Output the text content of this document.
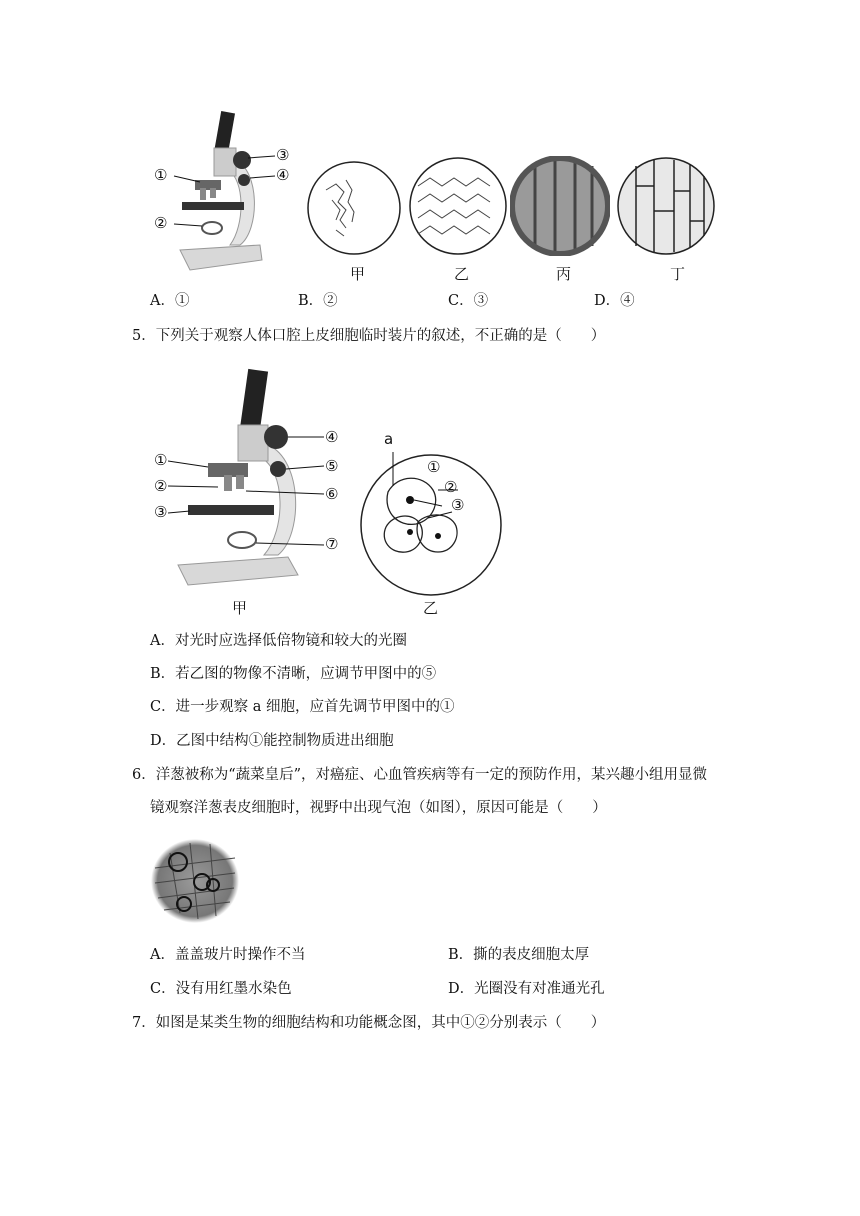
①
②
③
④
甲	乙	丙	丁
A．①	B．②	C．③	D．④
5．下列关于观察人体口腔上皮细胞临时装片的叙述，不正确的是（　　）
①
②
③
④
⑤
⑥
⑦
甲
a
①
②
③
乙
A．对光时应选择低倍物镜和较大的光圈
B．若乙图的物像不清晰，应调节甲图中的⑤
C．进一步观察 a 细胞，应首先调节甲图中的①
D．乙图中结构①能控制物质进出细胞
6．洋葱被称为“蔬菜皇后”，对癌症、心血管疾病等有一定的预防作用，某兴趣小组用显微
镜观察洋葱表皮细胞时，视野中出现气泡（如图），原因可能是（　　）
A．盖盖玻片时操作不当	B．撕的表皮细胞太厚
C．没有用红墨水染色	D．光圈没有对准通光孔
7．如图是某类生物的细胞结构和功能概念图，其中①②分别表示（　　）
